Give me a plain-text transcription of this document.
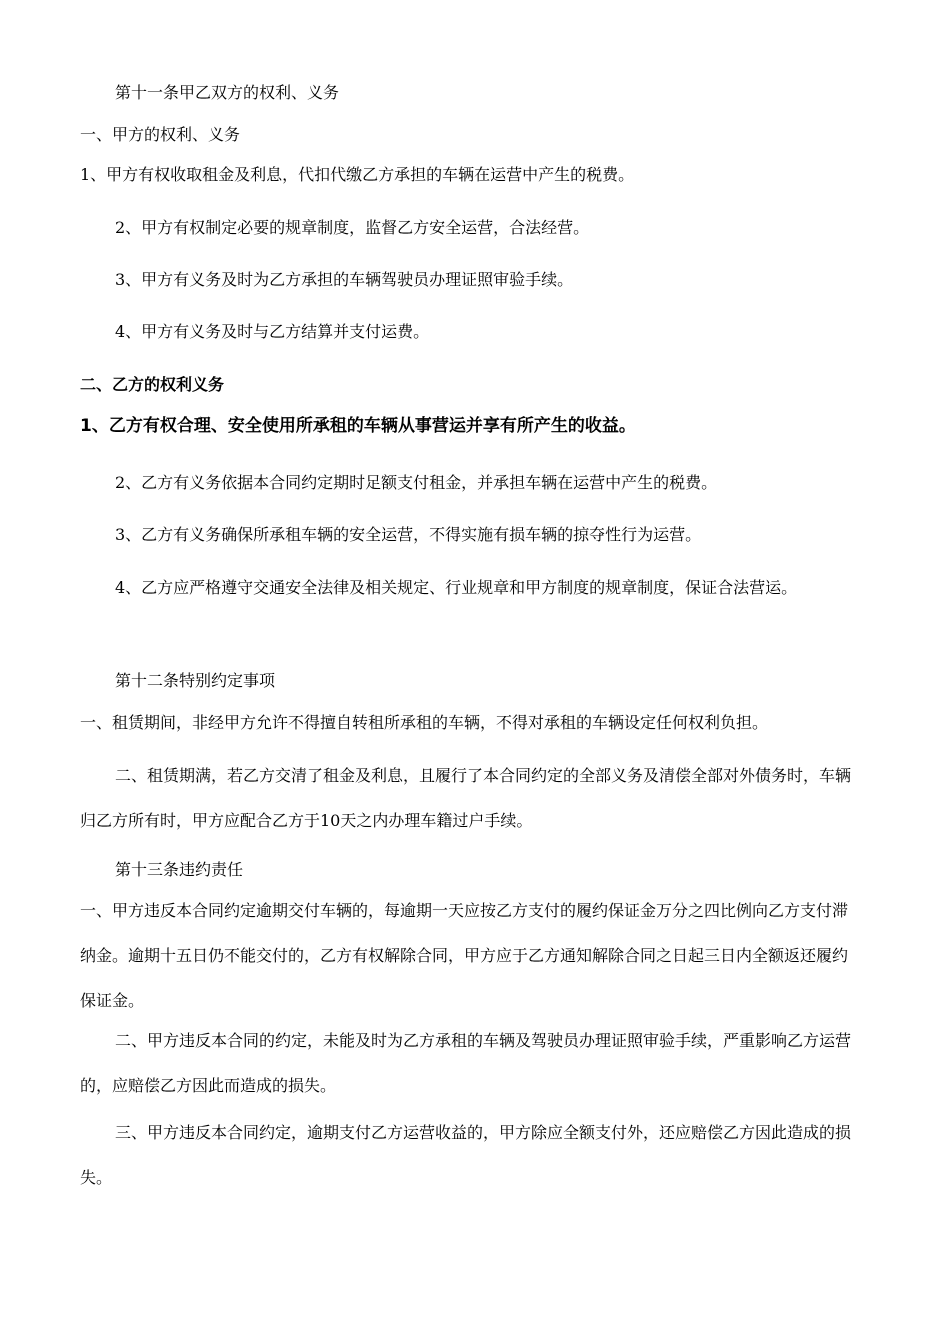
第十一条甲乙双方的权利、义务
一、甲方的权利、义务
1、甲方有权收取租金及利息，代扣代缴乙方承担的车辆在运营中产生的税费。
2、甲方有权制定必要的规章制度，监督乙方安全运营，合法经营。
3、甲方有义务及时为乙方承担的车辆驾驶员办理证照审验手续。
4、甲方有义务及时与乙方结算并支付运费。
二、乙方的权利义务
1、乙方有权合理、安全使用所承租的车辆从事营运并享有所产生的收益。
2、乙方有义务依据本合同约定期时足额支付租金，并承担车辆在运营中产生的税费。
3、乙方有义务确保所承租车辆的安全运营，不得实施有损车辆的掠夺性行为运营。
4、乙方应严格遵守交通安全法律及相关规定、行业规章和甲方制度的规章制度，保证合法营运。
第十二条特别约定事项
一、租赁期间，非经甲方允许不得擅自转租所承租的车辆，不得对承租的车辆设定任何权利负担。
二、租赁期满，若乙方交清了租金及利息，且履行了本合同约定的全部义务及清偿全部对外债务时，车辆归乙方所有时，甲方应配合乙方于10天之内办理车籍过户手续。
第十三条违约责任
一、甲方违反本合同约定逾期交付车辆的，每逾期一天应按乙方支付的履约保证金万分之四比例向乙方支付滞纳金。逾期十五日仍不能交付的，乙方有权解除合同，甲方应于乙方通知解除合同之日起三日内全额返还履约保证金。
二、甲方违反本合同的约定，未能及时为乙方承租的车辆及驾驶员办理证照审验手续，严重影响乙方运营的，应赔偿乙方因此而造成的损失。
三、甲方违反本合同约定，逾期支付乙方运营收益的，甲方除应全额支付外，还应赔偿乙方因此造成的损失。
